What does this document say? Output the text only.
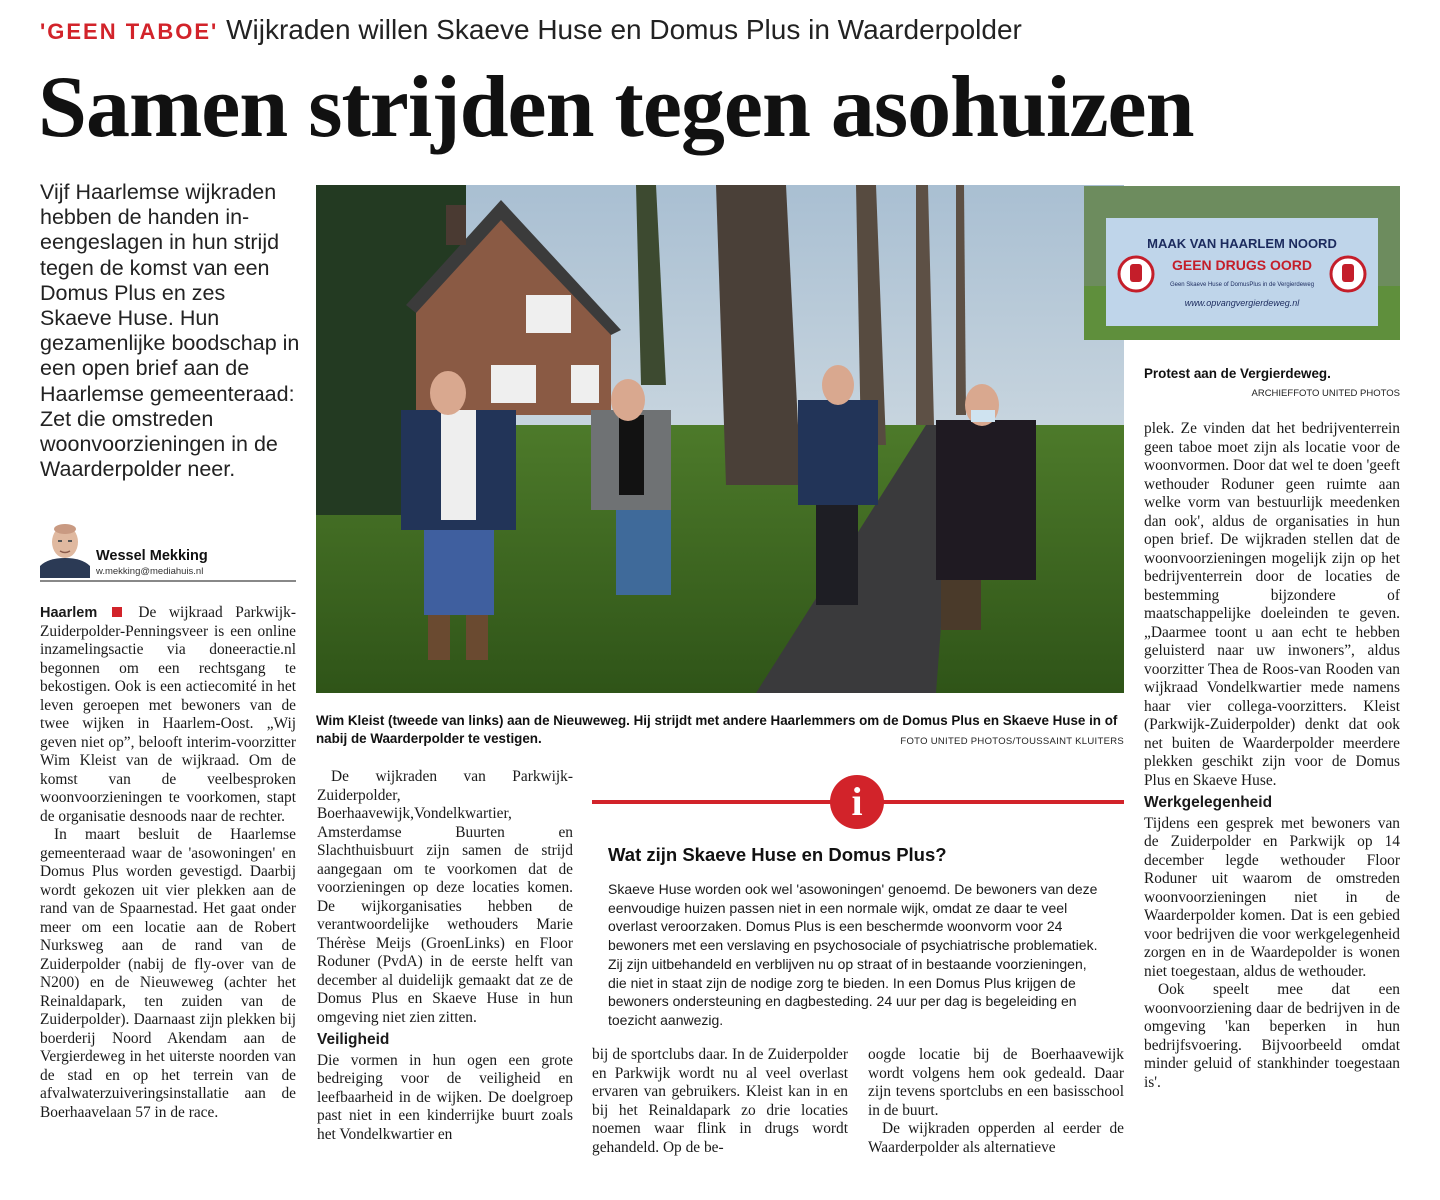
'GEEN TABOE' Wijkraden willen Skaeve Huse en Domus Plus in Waarderpolder
Samen strijden tegen asohuizen
Vijf Haarlemse wijkraden hebben de handen in-eengeslagen in hun strijd tegen de komst van een Domus Plus en zes Skaeve Huse. Hun gezamenlijke boodschap in een open brief aan de Haarlemse gemeenteraad: Zet die omstreden woonvoorzieningen in de Waarderpolder neer.
Wessel Mekking
w.mekking@mediahuis.nl

Haarlem	De wijkraad Parkwijk-Zuiderpolder-Penningsveer is een online inzamelingsactie via doneeractie.nl begonnen om een rechtsgang te bekostigen. Ook is een actiecomité in het leven geroepen met bewoners van de twee wijken in Haarlem-Oost. „Wij geven niet op”, belooft interim-voorzitter Wim Kleist van de wijkraad. Om de komst van de veelbesproken woonvoorzieningen te voorkomen, stapt de organisatie desnoods naar de rechter.

In maart besluit de Haarlemse gemeenteraad waar de 'asowoningen' en Domus Plus worden gevestigd. Daarbij wordt gekozen uit vier plekken aan de rand van de Spaarnestad. Het gaat onder meer om een locatie aan de Robert Nurksweg aan de rand van de Zuiderpolder (nabij de fly-over van de N200) en de Nieuweweg (achter het Reinaldapark, ten zuiden van de Zuiderpolder). Daarnaast zijn plekken bij boerderij Noord Akendam aan de Vergierdeweg in het uiterste noorden van de stad en op het terrein van de afvalwaterzuiveringsinstallatie aan de Boerhaavelaan 57 in de race.

Wim Kleist (tweede van links) aan de Nieuweweg. Hij strijdt met andere Haarlemmers om de Domus Plus en Skaeve Huse in of nabij de Waarderpolder te vestigen.	FOTO UNITED PHOTOS/TOUSSAINT KLUITERS
MAAK VAN HAARLEM NOORD
GEEN DRUGS OORD
Geen Skaeve Huse of DomusPlus in de Vergierdeweg
www.opvangvergierdeweg.nl
Protest aan de Vergierdeweg.
ARCHIEFFOTO UNITED PHOTOS

De wijkraden van Parkwijk-Zuiderpolder, Boerhaavewijk,Vondelkwartier, Amsterdamse Buurten en Slachthuisbuurt zijn samen de strijd aangegaan om te voorkomen dat de voorzieningen op deze locaties komen. De wijkorganisaties hebben de verantwoordelijke wethouders Marie Thérèse Meijs (GroenLinks) en Floor Roduner (PvdA) in de eerste helft van december al duidelijk gemaakt dat ze de Domus Plus en Skaeve Huse in hun omgeving niet zien zitten.

Veiligheid

Die vormen in hun ogen een grote bedreiging voor de veiligheid en leefbaarheid in de wijken. De doelgroep past niet in een kinderrijke buurt zoals het Vondelkwartier en

i
Wat zijn Skaeve Huse en Domus Plus?
Skaeve Huse worden ook wel 'asowoningen' genoemd. De bewoners van deze eenvoudige huizen passen niet in een normale wijk, omdat ze daar te veel overlast veroorzaken. Domus Plus is een beschermde woonvorm voor 24 bewoners met een verslaving en psychosociale of psychiatrische problematiek. Zij zijn uitbehandeld en verblijven nu op straat of in bestaande voorzieningen, die niet in staat zijn de nodige zorg te bieden. In een Domus Plus krijgen de bewoners ondersteuning en dagbesteding. 24 uur per dag is begeleiding en toezicht aanwezig.

bij de sportclubs daar. In de Zuiderpolder en Parkwijk wordt nu al veel overlast ervaren van gebruikers. Kleist kan in en bij het Reinaldapark zo drie locaties noemen waar flink in drugs wordt gehandeld. Op de be-

oogde locatie bij de Boerhaavewijk wordt volgens hem ook gedeald. Daar zijn tevens sportclubs en een basisschool in de buurt.

De wijkraden opperden al eerder de Waarderpolder als alternatieve

plek. Ze vinden dat het bedrijventerrein geen taboe moet zijn als locatie voor de woonvormen. Door dat wel te doen 'geeft wethouder Roduner geen ruimte aan welke vorm van bestuurlijk meedenken dan ook', aldus de organisaties in hun open brief. De wijkraden stellen dat de woonvoorzieningen mogelijk zijn op het bedrijventerrein door de locaties de bestemming bijzondere of maatschappelijke doeleinden te geven. „Daarmee toont u aan echt te hebben geluisterd naar uw inwoners”, aldus voorzitter Thea de Roos-van Rooden van wijkraad Vondelkwartier mede namens haar vier collega-voorzitters. Kleist (Parkwijk-Zuiderpolder) denkt dat ook net buiten de Waarderpolder meerdere plekken geschikt zijn voor de Domus Plus en Skaeve Huse.

Werkgelegenheid

Tijdens een gesprek met bewoners van de Zuiderpolder en Parkwijk op 14 december legde wethouder Floor Roduner uit waarom de omstreden woonvoorzieningen niet in de Waarderpolder komen. Dat is een gebied voor bedrijven die voor werkgelegenheid zorgen en in de Waardepolder is wonen niet toegestaan, aldus de wethouder.

Ook speelt mee dat een woonvoorziening daar de bedrijven in de omgeving 'kan beperken in hun bedrijfsvoering. Bijvoorbeeld omdat minder geluid of stankhinder toegestaan is'.
